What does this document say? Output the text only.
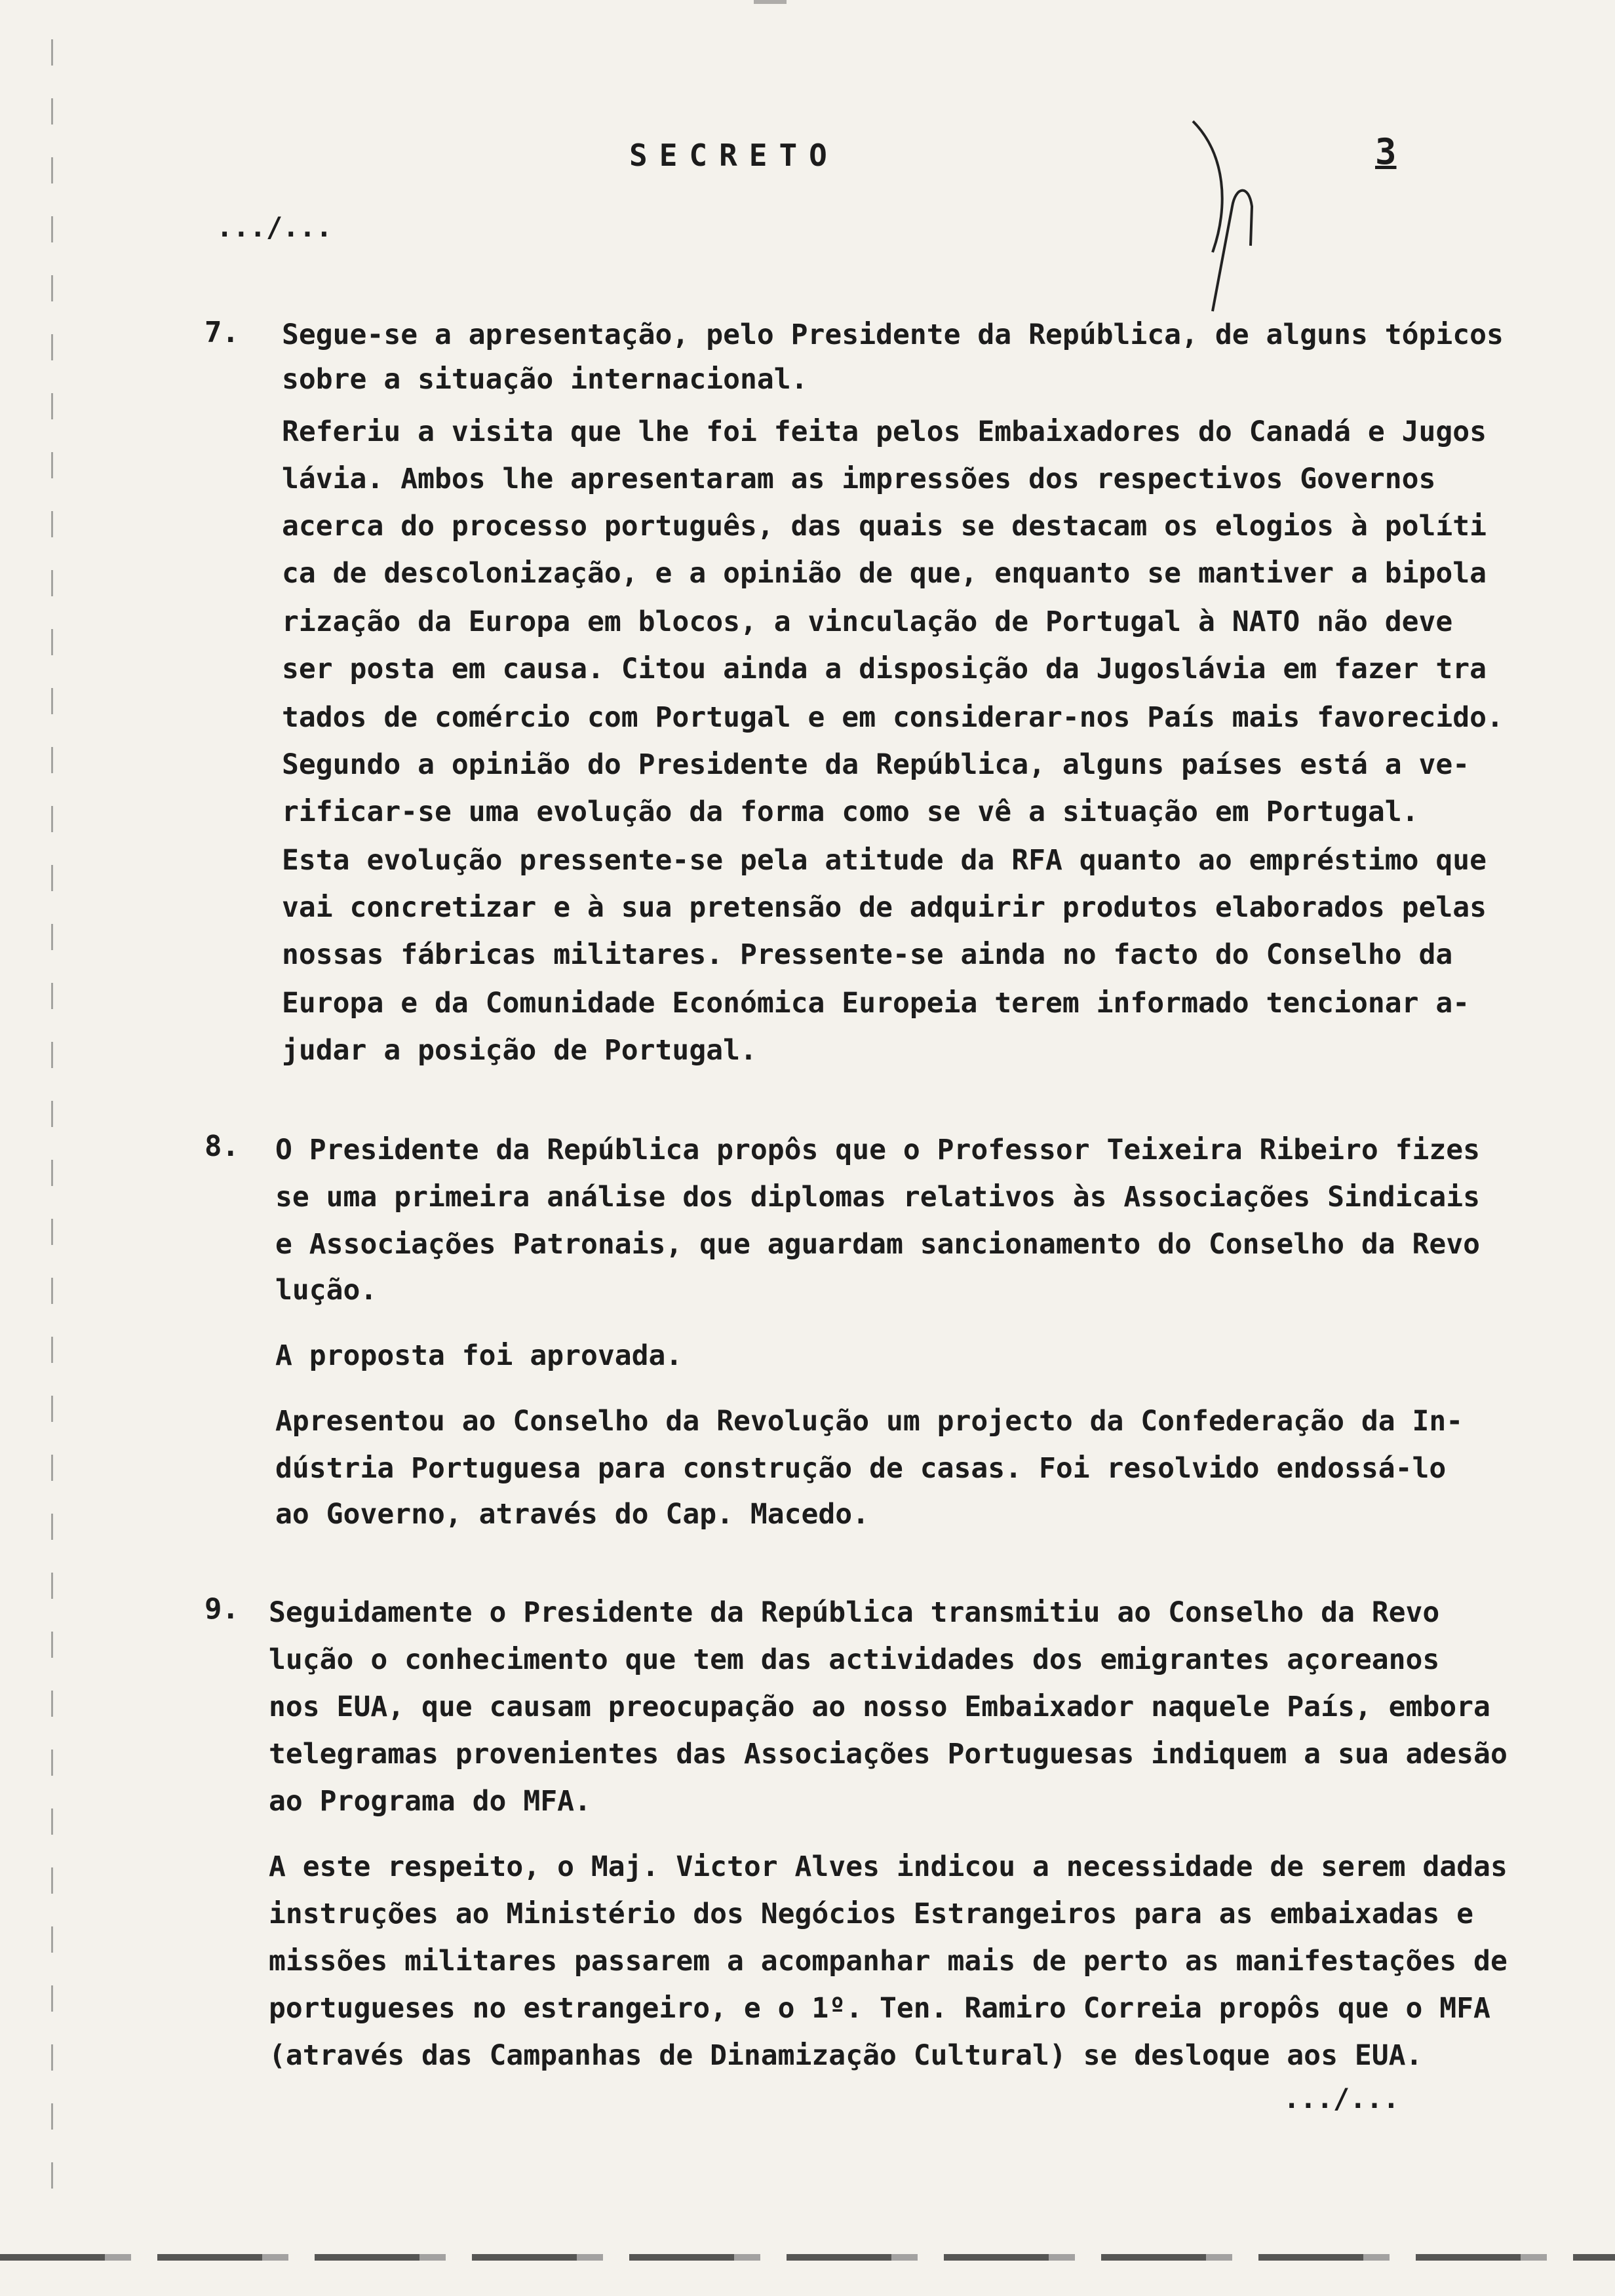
SECRETO	3
.../...
7. Segue-se a apresentação, pelo Presidente da República, de alguns tópicos
sobre a situação internacional.
Referiu a visita que lhe foi feita pelos Embaixadores do Canadá e Jugos
lávia. Ambos lhe apresentaram as impressões dos respectivos Governos
acerca do processo português, das quais se destacam os elogios à políti
ca de descolonização, e a opinião de que, enquanto se mantiver a bipola
rização da Europa em blocos, a vinculação de Portugal à NATO não deve
ser posta em causa. Citou ainda a disposição da Jugoslávia em fazer tra
tados de comércio com Portugal e em considerar-nos País mais favorecido.
Segundo a opinião do Presidente da República, alguns países está a ve-
rificar-se uma evolução da forma como se vê a situação em Portugal.
Esta evolução pressente-se pela atitude da RFA quanto ao empréstimo que
vai concretizar e à sua pretensão de adquirir produtos elaborados pelas
nossas fábricas militares. Pressente-se ainda no facto do Conselho da
Europa e da Comunidade Económica Europeia terem informado tencionar a-
judar a posição de Portugal.
8. O Presidente da República propôs que o Professor Teixeira Ribeiro fizes
se uma primeira análise dos diplomas relativos às Associações Sindicais
e Associações Patronais, que aguardam sancionamento do Conselho da Revo
lução.
A proposta foi aprovada.
Apresentou ao Conselho da Revolução um projecto da Confederação da In-
dústria Portuguesa para construção de casas. Foi resolvido endossá-lo
ao Governo, através do Cap. Macedo.
9. Seguidamente o Presidente da República transmitiu ao Conselho da Revo
lução o conhecimento que tem das actividades dos emigrantes açoreanos
nos EUA, que causam preocupação ao nosso Embaixador naquele País, embora
telegramas provenientes das Associações Portuguesas indiquem a sua adesão
ao Programa do MFA.
A este respeito, o Maj. Victor Alves indicou a necessidade de serem dadas
instruções ao Ministério dos Negócios Estrangeiros para as embaixadas e
missões militares passarem a acompanhar mais de perto as manifestações de
portugueses no estrangeiro, e o 1º. Ten. Ramiro Correia propôs que o MFA
(através das Campanhas de Dinamização Cultural) se desloque aos EUA.
.../...
